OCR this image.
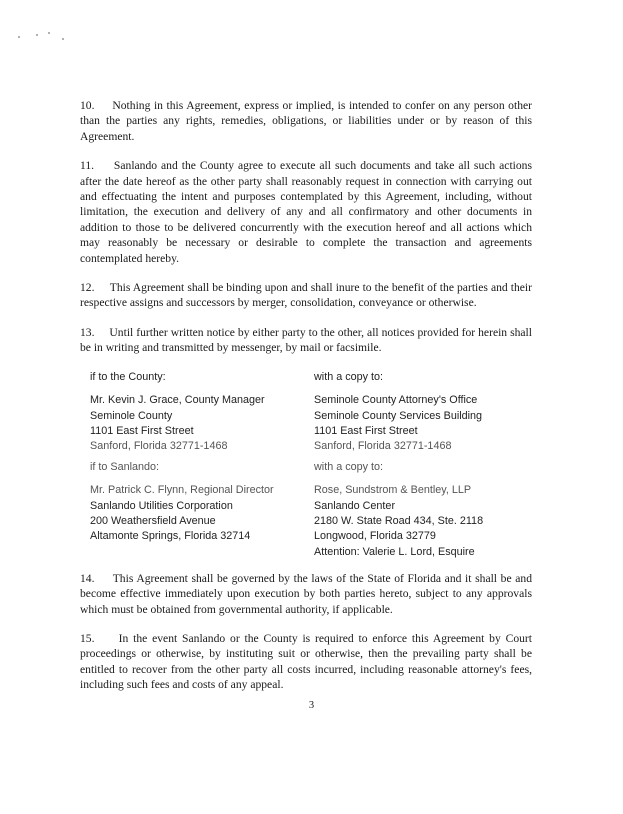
10. Nothing in this Agreement, express or implied, is intended to confer on any person other than the parties any rights, remedies, obligations, or liabilities under or by reason of this Agreement.

11. Sanlando and the County agree to execute all such documents and take all such actions after the date hereof as the other party shall reasonably request in connection with carrying out and effectuating the intent and purposes contemplated by this Agreement, including, without limitation, the execution and delivery of any and all confirmatory and other documents in addition to those to be delivered concurrently with the execution hereof and all actions which may reasonably be necessary or desirable to complete the transaction and agreements contemplated hereby.

12. This Agreement shall be binding upon and shall inure to the benefit of the parties and their respective assigns and successors by merger, consolidation, conveyance or otherwise.

13. Until further written notice by either party to the other, all notices provided for herein shall be in writing and transmitted by messenger, by mail or facsimile.

if to the County:
Mr. Kevin J. Grace, County Manager
Seminole County
1101 East First Street
Sanford, Florida 32771-1468
if to Sanlando:
Mr. Patrick C. Flynn, Regional Director
Sanlando Utilities Corporation
200 Weathersfield Avenue
Altamonte Springs, Florida 32714
with a copy to:
Seminole County Attorney's Office
Seminole County Services Building
1101 East First Street
Sanford, Florida 32771-1468
with a copy to:
Rose, Sundstrom & Bentley, LLP
Sanlando Center
2180 W. State Road 434, Ste. 2118
Longwood, Florida 32779
Attention: Valerie L. Lord, Esquire

14. This Agreement shall be governed by the laws of the State of Florida and it shall be and become effective immediately upon execution by both parties hereto, subject to any approvals which must be obtained from governmental authority, if applicable.

15. In the event Sanlando or the County is required to enforce this Agreement by Court proceedings or otherwise, by instituting suit or otherwise, then the prevailing party shall be entitled to recover from the other party all costs incurred, including reasonable attorney's fees, including such fees and costs of any appeal.

3
